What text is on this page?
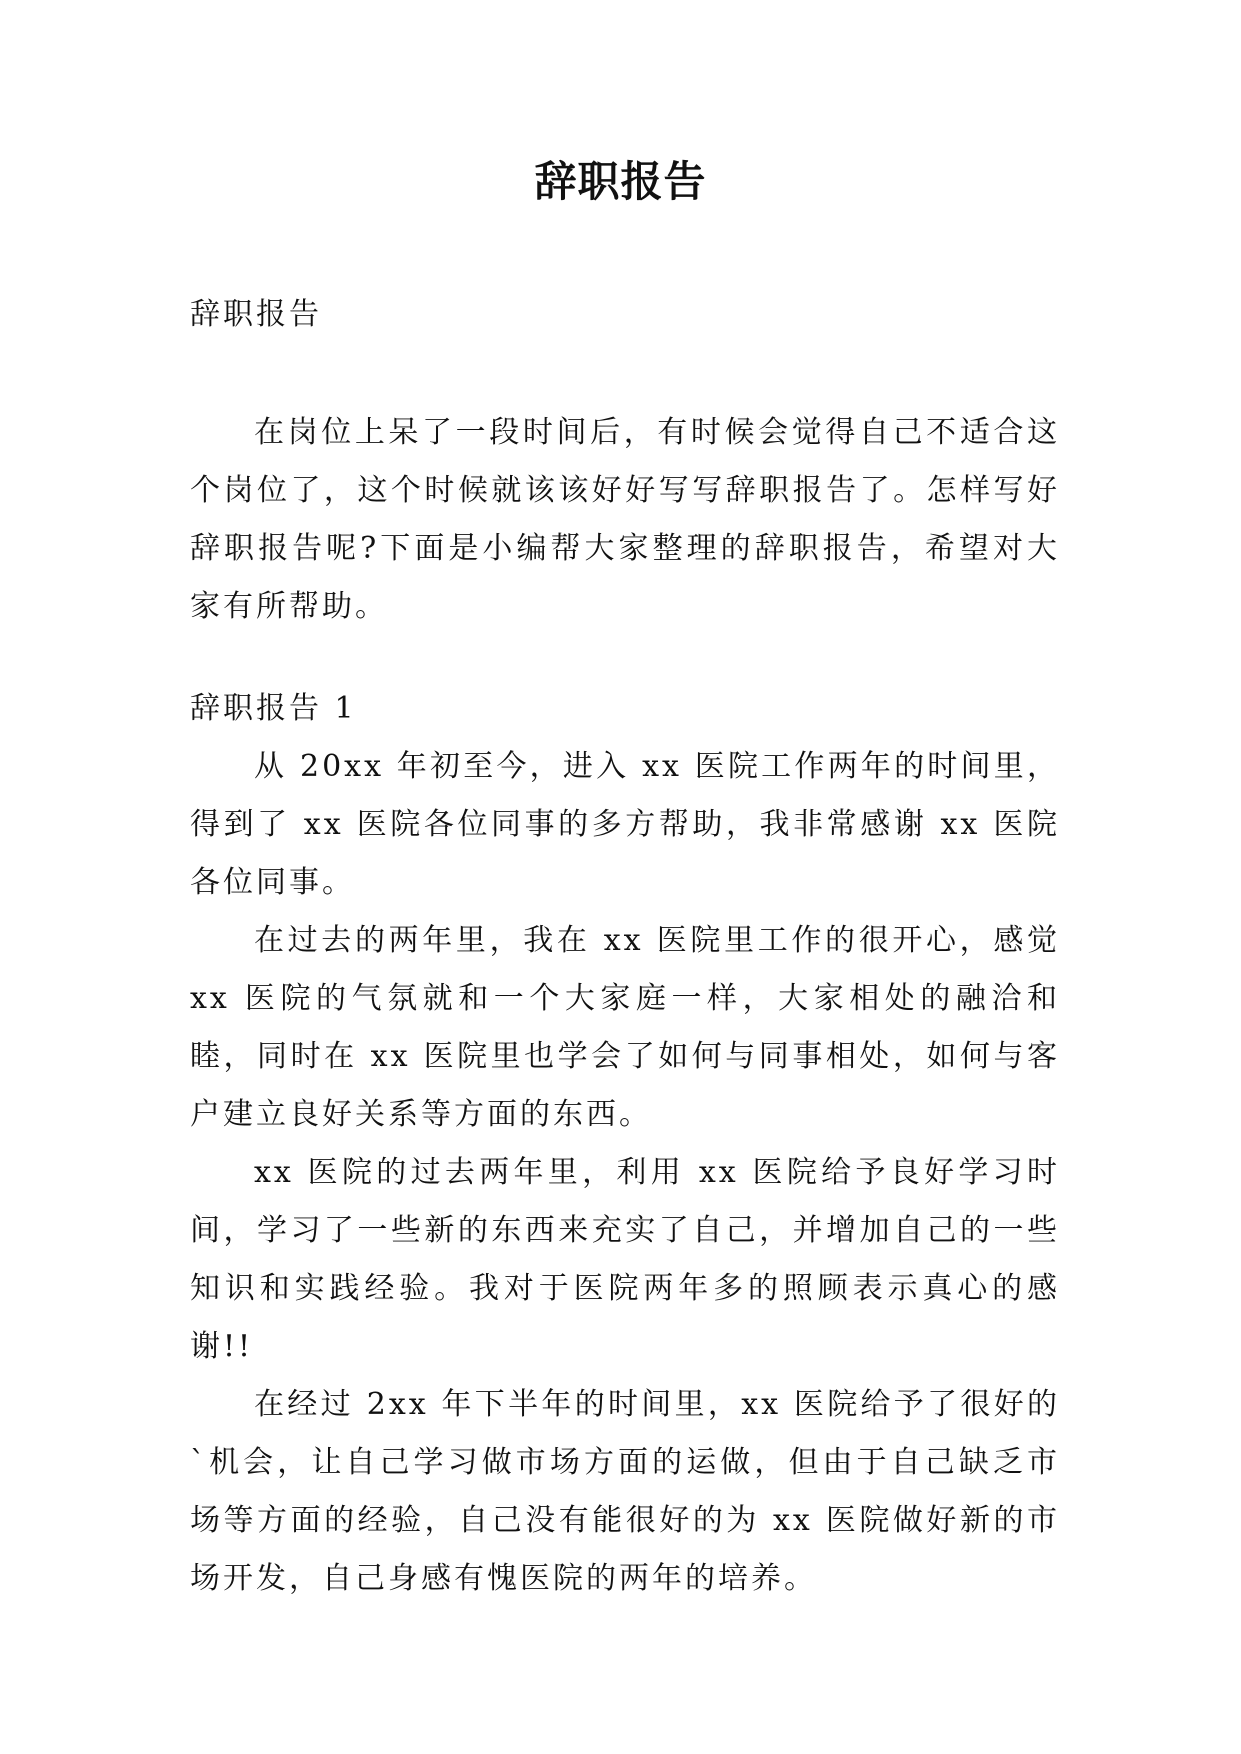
辞职报告

辞职报告

在岗位上呆了一段时间后，有时候会觉得自己不适合这个岗位了，这个时候就该该好好写写辞职报告了。怎样写好辞职报告呢?下面是小编帮大家整理的辞职报告，希望对大家有所帮助。

辞职报告 1

从 20xx 年初至今，进入 xx 医院工作两年的时间里，得到了 xx 医院各位同事的多方帮助，我非常感谢 xx 医院各位同事。

在过去的两年里，我在 xx 医院里工作的很开心，感觉 xx 医院的气氛就和一个大家庭一样，大家相处的融洽和睦，同时在 xx 医院里也学会了如何与同事相处，如何与客户建立良好关系等方面的东西。

xx 医院的过去两年里，利用 xx 医院给予良好学习时间，学习了一些新的东西来充实了自己，并增加自己的一些知识和实践经验。我对于医院两年多的照顾表示真心的感谢!!

在经过 2xx 年下半年的时间里，xx 医院给予了很好的`机会，让自己学习做市场方面的运做，但由于自己缺乏市场等方面的经验，自己没有能很好的为 xx 医院做好新的市场开发，自己身感有愧医院的两年的培养。
